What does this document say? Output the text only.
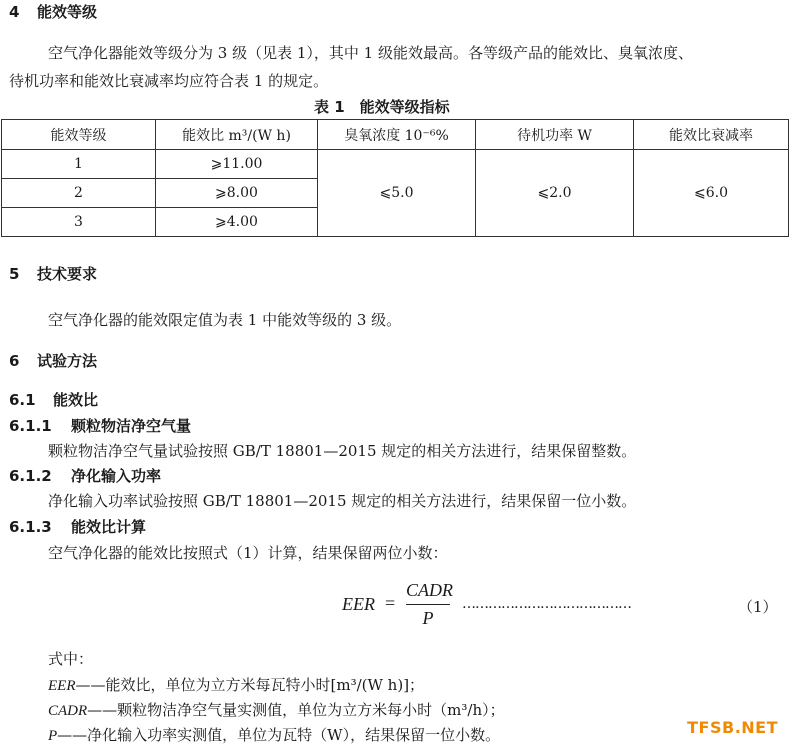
4 能效等级
空气净化器能效等级分为 3 级（见表 1），其中 1 级能效最高。各等级产品的能效比、臭氧浓度、
待机功率和能效比衰减率均应符合表 1 的规定。
表 1　能效等级指标
能效等级	能效比 m³/(W h)	臭氧浓度 10⁻⁶%	待机功率 W	能效比衰减率
1	⩾11.00	⩽5.0	⩽2.0	⩽6.0
2	⩾8.00			
3	⩾4.00			
5 技术要求
空气净化器的能效限定值为表 1 中能效等级的 3 级。
6 试验方法
6.1 能效比
6.1.1 颗粒物洁净空气量
颗粒物洁净空气量试验按照 GB/T 18801—2015 规定的相关方法进行，结果保留整数。
6.1.2 净化输入功率
净化输入功率试验按照 GB/T 18801—2015 规定的相关方法进行，结果保留一位小数。
6.1.3 能效比计算
空气净化器的能效比按照式（1）计算，结果保留两位小数：
EER =
CADR
P
…………………………………	（1）
式中：
EER——能效比，单位为立方米每瓦特小时[m³/(W h)]；
CADR——颗粒物洁净空气量实测值，单位为立方米每小时（m³/h）；
P——净化输入功率实测值，单位为瓦特（W），结果保留一位小数。	TFSB.NET
